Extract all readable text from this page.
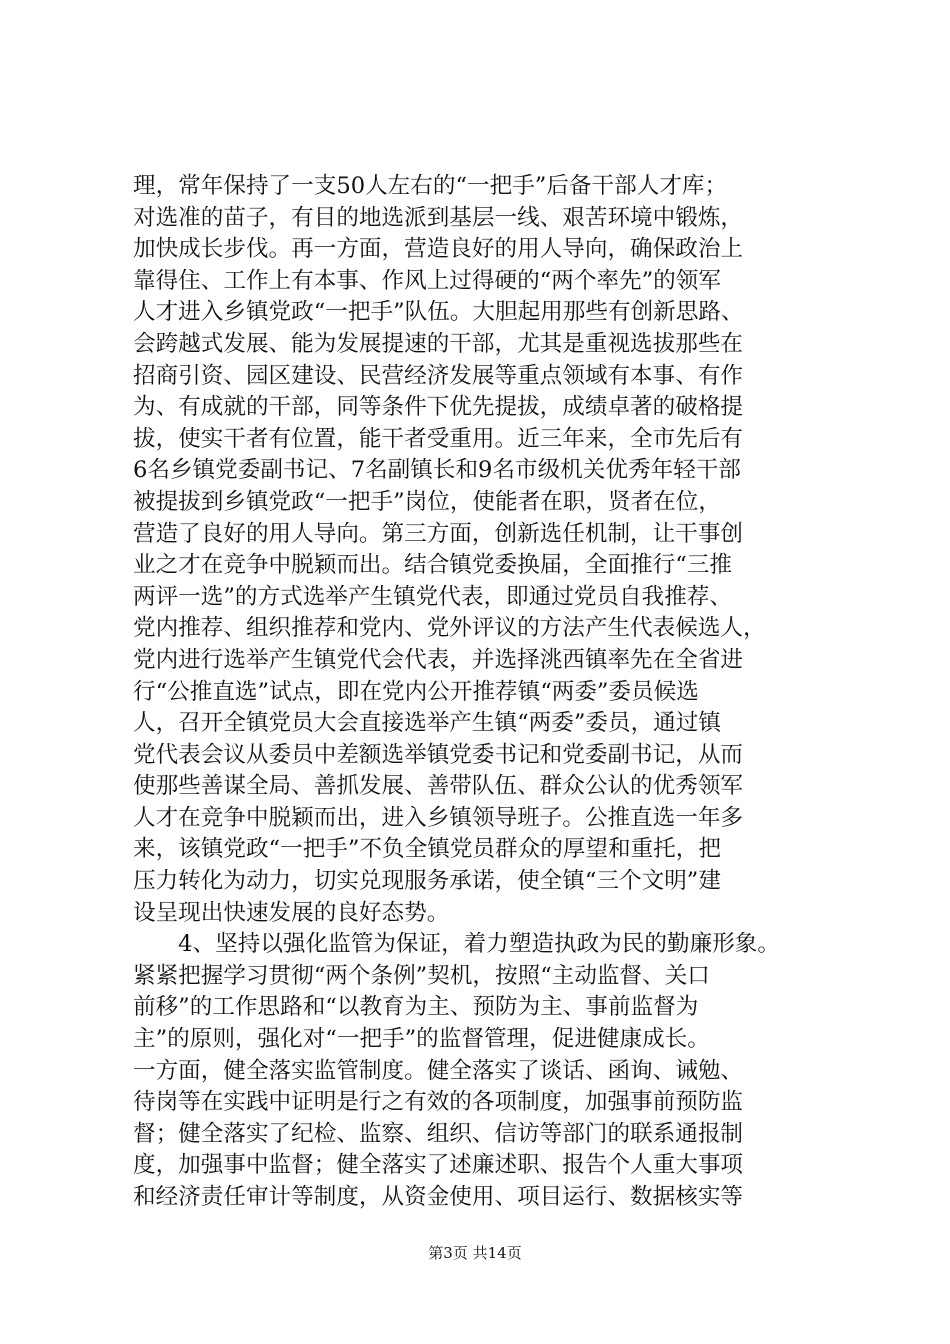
理，常年保持了一支50人左右的“一把手”后备干部人才库；
对选准的苗子，有目的地选派到基层一线、艰苦环境中锻炼，
加快成长步伐。再一方面，营造良好的用人导向，确保政治上
靠得住、工作上有本事、作风上过得硬的“两个率先”的领军
人才进入乡镇党政“一把手”队伍。大胆起用那些有创新思路、
会跨越式发展、能为发展提速的干部，尤其是重视选拔那些在
招商引资、园区建设、民营经济发展等重点领域有本事、有作
为、有成就的干部，同等条件下优先提拔，成绩卓著的破格提
拔，使实干者有位置，能干者受重用。近三年来，全市先后有
6名乡镇党委副书记、7名副镇长和9名市级机关优秀年轻干部
被提拔到乡镇党政“一把手”岗位，使能者在职，贤者在位，
营造了良好的用人导向。第三方面，创新选任机制，让干事创
业之才在竞争中脱颖而出。结合镇党委换届，全面推行“三推
两评一选”的方式选举产生镇党代表，即通过党员自我推荐、
党内推荐、组织推荐和党内、党外评议的方法产生代表候选人，
党内进行选举产生镇党代会代表，并选择洮西镇率先在全省进
行“公推直选”试点，即在党内公开推荐镇“两委”委员候选
人，召开全镇党员大会直接选举产生镇“两委”委员，通过镇
党代表会议从委员中差额选举镇党委书记和党委副书记，从而
使那些善谋全局、善抓发展、善带队伍、群众公认的优秀领军
人才在竞争中脱颖而出，进入乡镇领导班子。公推直选一年多
来，该镇党政“一把手”不负全镇党员群众的厚望和重托，把
压力转化为动力，切实兑现服务承诺，使全镇“三个文明”建
设呈现出快速发展的良好态势。
　　4、坚持以强化监管为保证，着力塑造执政为民的勤廉形象。
紧紧把握学习贯彻“两个条例”契机，按照“主动监督、关口
前移”的工作思路和“以教育为主、预防为主、事前监督为
主”的原则，强化对“一把手”的监督管理，促进健康成长。
一方面，健全落实监管制度。健全落实了谈话、函询、诫勉、
待岗等在实践中证明是行之有效的各项制度，加强事前预防监
督；健全落实了纪检、监察、组织、信访等部门的联系通报制
度，加强事中监督；健全落实了述廉述职、报告个人重大事项
和经济责任审计等制度，从资金使用、项目运行、数据核实等
第3页 共14页
